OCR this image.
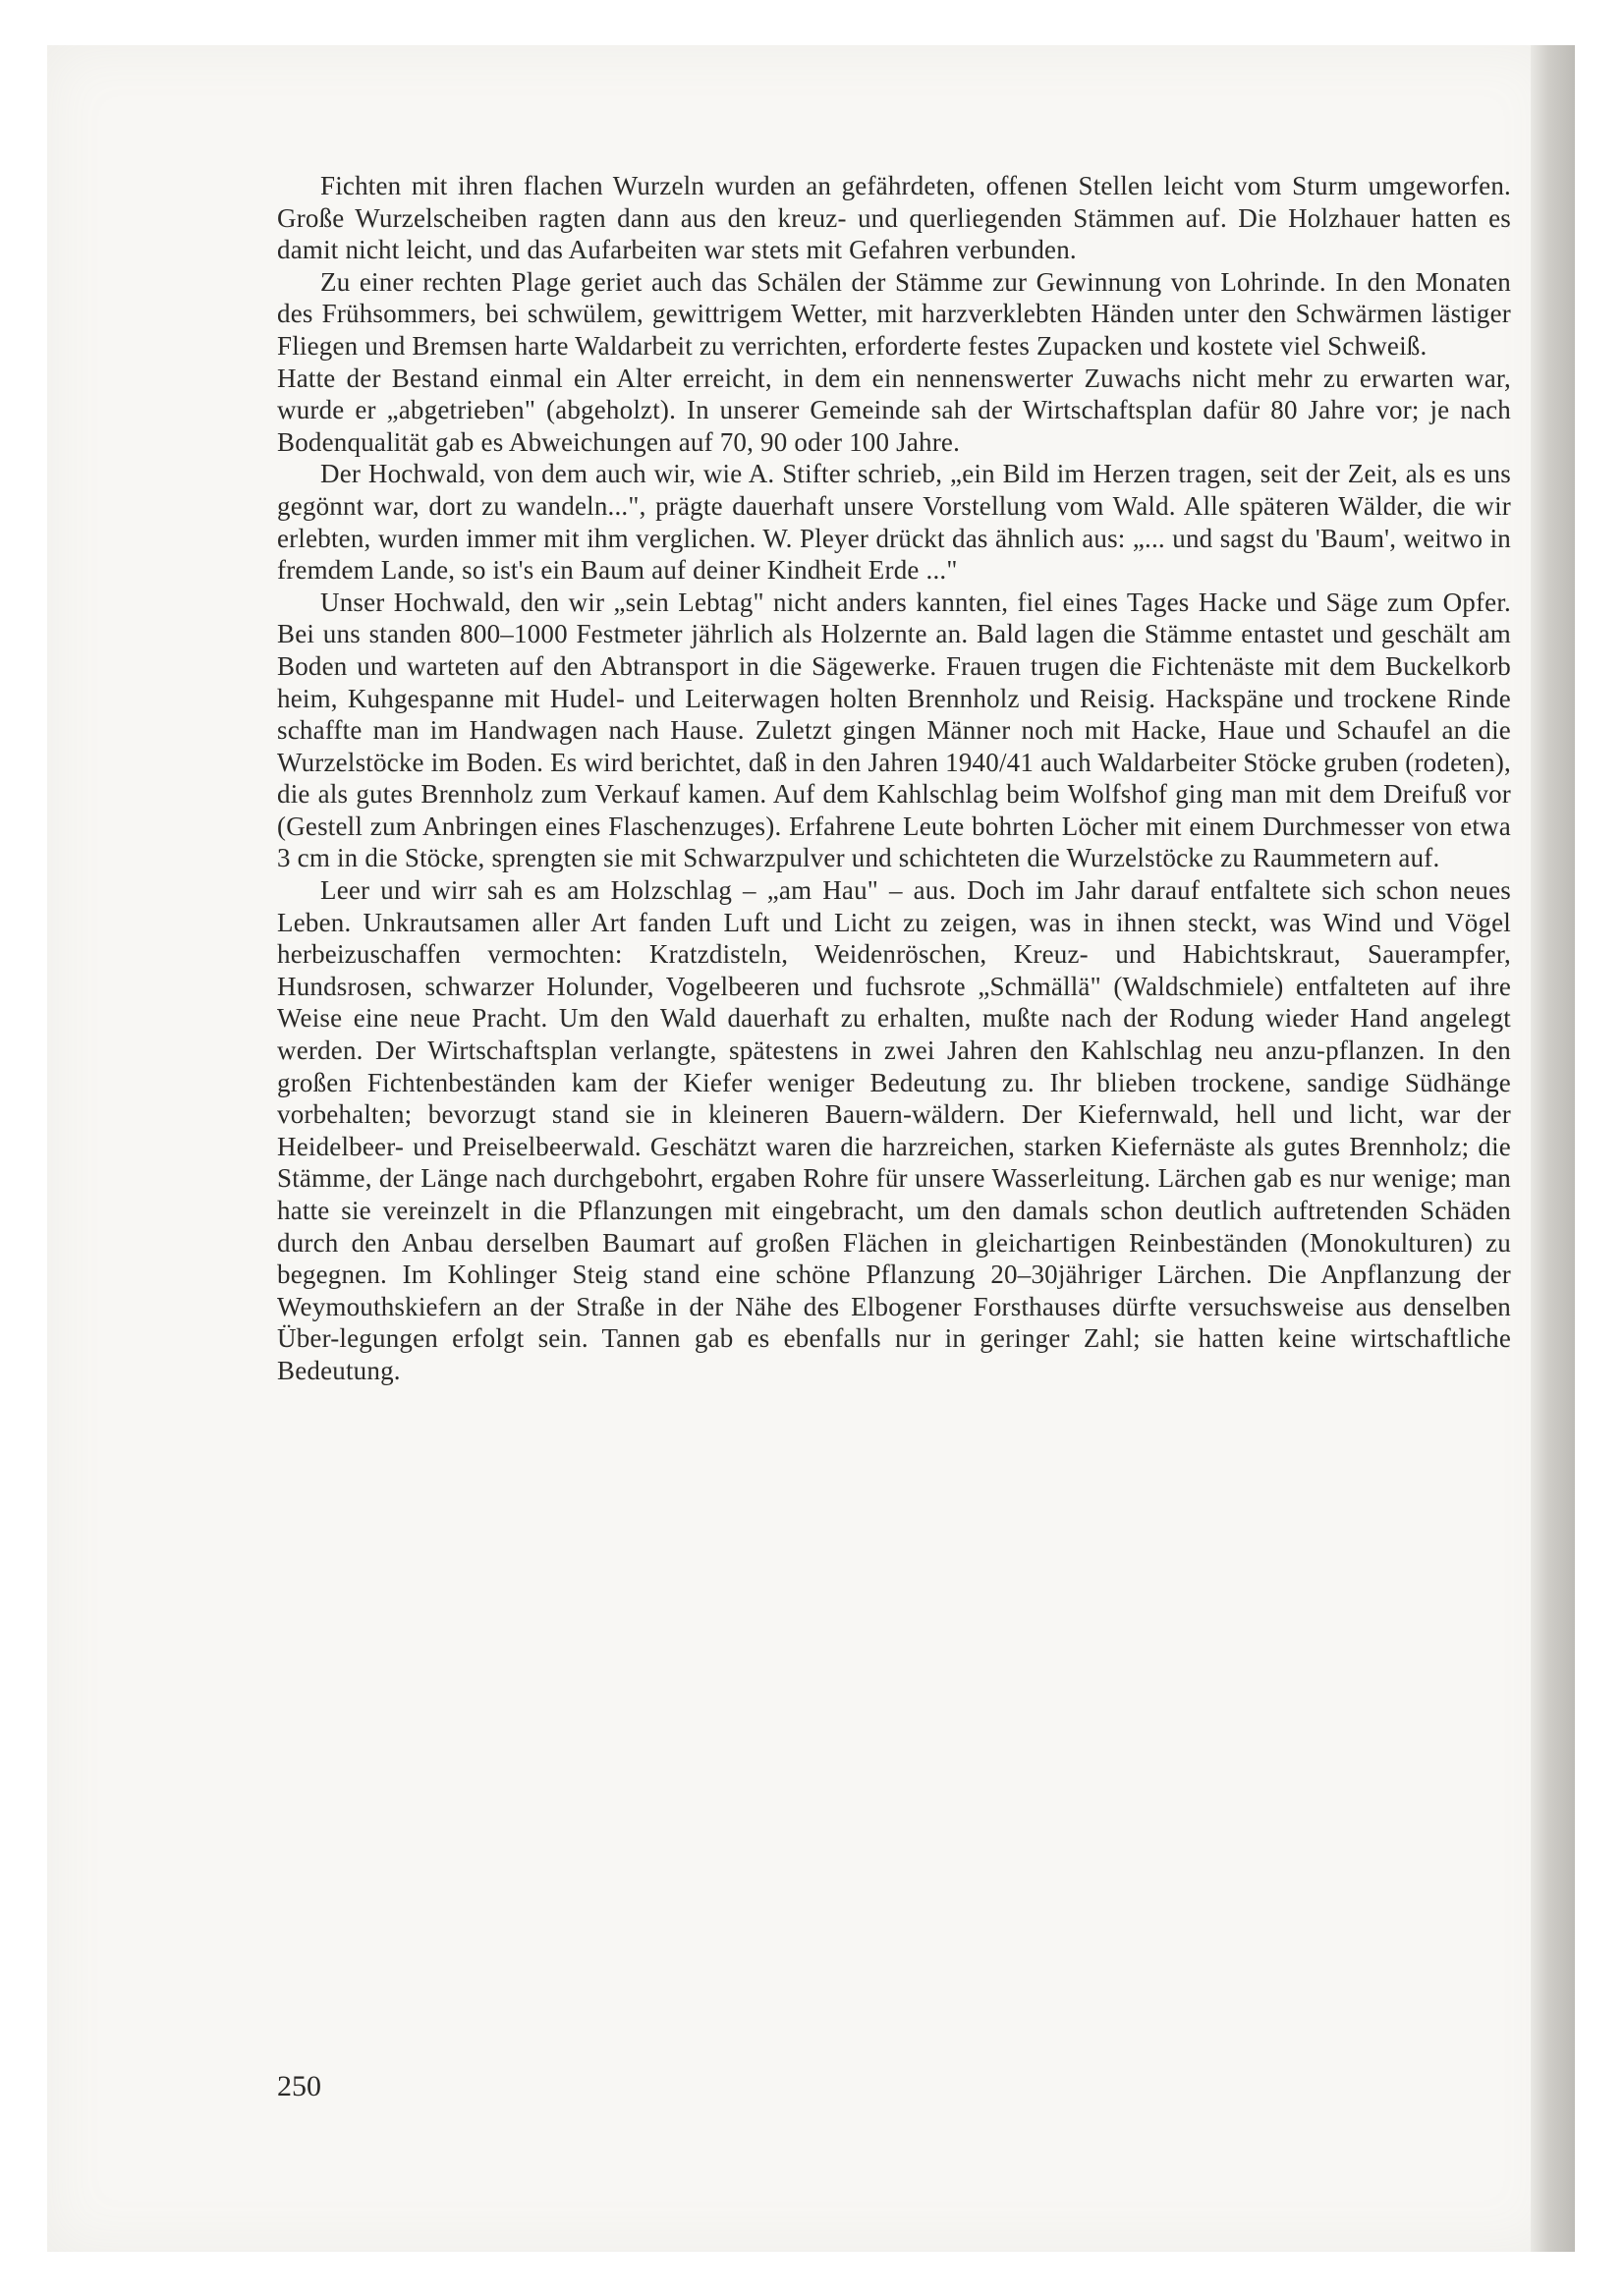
Fichten mit ihren flachen Wurzeln wurden an gefährdeten, offenen Stellen leicht vom Sturm umgeworfen. Große Wurzelscheiben ragten dann aus den kreuz- und querliegenden Stämmen auf. Die Holzhauer hatten es damit nicht leicht, und das Aufarbeiten war stets mit Gefahren verbunden.

Zu einer rechten Plage geriet auch das Schälen der Stämme zur Gewinnung von Lohrinde. In den Monaten des Frühsommers, bei schwülem, gewittrigem Wetter, mit harzverklebten Händen unter den Schwärmen lästiger Fliegen und Bremsen harte Waldarbeit zu verrichten, erforderte festes Zupacken und kostete viel Schweiß.

Hatte der Bestand einmal ein Alter erreicht, in dem ein nennenswerter Zuwachs nicht mehr zu erwarten war, wurde er „abgetrieben" (abgeholzt). In unserer Gemeinde sah der Wirtschaftsplan dafür 80 Jahre vor; je nach Bodenqualität gab es Abweichungen auf 70, 90 oder 100 Jahre.

Der Hochwald, von dem auch wir, wie A. Stifter schrieb, „ein Bild im Herzen tragen, seit der Zeit, als es uns gegönnt war, dort zu wandeln...", prägte dauerhaft unsere Vorstellung vom Wald. Alle späteren Wälder, die wir erlebten, wurden immer mit ihm verglichen. W. Pleyer drückt das ähnlich aus: „... und sagst du 'Baum', weitwo in fremdem Lande, so ist's ein Baum auf deiner Kindheit Erde ..."

Unser Hochwald, den wir „sein Lebtag" nicht anders kannten, fiel eines Tages Hacke und Säge zum Opfer. Bei uns standen 800–1000 Festmeter jährlich als Holzernte an. Bald lagen die Stämme entastet und geschält am Boden und warteten auf den Abtransport in die Sägewerke. Frauen trugen die Fichtenäste mit dem Buckelkorb heim, Kuhgespanne mit Hudel- und Leiterwagen holten Brennholz und Reisig. Hackspäne und trockene Rinde schaffte man im Handwagen nach Hause. Zuletzt gingen Männer noch mit Hacke, Haue und Schaufel an die Wurzelstöcke im Boden. Es wird berichtet, daß in den Jahren 1940/41 auch Waldarbeiter Stöcke gruben (rodeten), die als gutes Brennholz zum Verkauf kamen. Auf dem Kahlschlag beim Wolfshof ging man mit dem Dreifuß vor (Gestell zum Anbringen eines Flaschenzuges). Erfahrene Leute bohrten Löcher mit einem Durchmesser von etwa 3 cm in die Stöcke, sprengten sie mit Schwarzpulver und schichteten die Wurzelstöcke zu Raummetern auf.

Leer und wirr sah es am Holzschlag – „am Hau" – aus. Doch im Jahr darauf entfaltete sich schon neues Leben. Unkrautsamen aller Art fanden Luft und Licht zu zeigen, was in ihnen steckt, was Wind und Vögel herbeizuschaffen vermochten: Kratzdisteln, Weidenröschen, Kreuz- und Habichtskraut, Sauerampfer, Hundsrosen, schwarzer Holunder, Vogelbeeren und fuchsrote „Schmällä" (Waldschmiele) entfalteten auf ihre Weise eine neue Pracht. Um den Wald dauerhaft zu erhalten, mußte nach der Rodung wieder Hand angelegt werden. Der Wirtschaftsplan verlangte, spätestens in zwei Jahren den Kahlschlag neu anzu-pflanzen. In den großen Fichtenbeständen kam der Kiefer weniger Bedeutung zu. Ihr blieben trockene, sandige Südhänge vorbehalten; bevorzugt stand sie in kleineren Bauern-wäldern. Der Kiefernwald, hell und licht, war der Heidelbeer- und Preiselbeerwald. Geschätzt waren die harzreichen, starken Kiefernäste als gutes Brennholz; die Stämme, der Länge nach durchgebohrt, ergaben Rohre für unsere Wasserleitung. Lärchen gab es nur wenige; man hatte sie vereinzelt in die Pflanzungen mit eingebracht, um den damals schon deutlich auftretenden Schäden durch den Anbau derselben Baumart auf großen Flächen in gleichartigen Reinbeständen (Monokulturen) zu begegnen. Im Kohlinger Steig stand eine schöne Pflanzung 20–30jähriger Lärchen. Die Anpflanzung der Weymouthskiefern an der Straße in der Nähe des Elbogener Forsthauses dürfte versuchsweise aus denselben Über-legungen erfolgt sein. Tannen gab es ebenfalls nur in geringer Zahl; sie hatten keine wirtschaftliche Bedeutung.

250
